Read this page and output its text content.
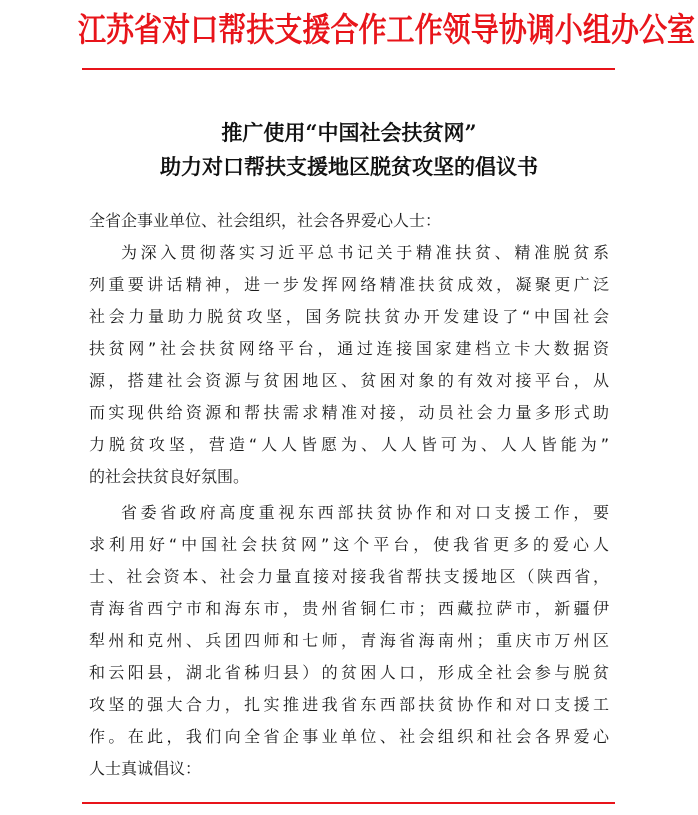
江苏省对口帮扶支援合作工作领导协调小组办公室
推广使用“中国社会扶贫网”
助力对口帮扶支援地区脱贫攻坚的倡议书
全省企事业单位、社会组织，社会各界爱心人士：
为深入贯彻落实习近平总书记关于精准扶贫、精准脱贫系
列重要讲话精神，进一步发挥网络精准扶贫成效，凝聚更广泛
社会力量助力脱贫攻坚，国务院扶贫办开发建设了“中国社会
扶贫网”社会扶贫网络平台，通过连接国家建档立卡大数据资
源，搭建社会资源与贫困地区、贫困对象的有效对接平台，从
而实现供给资源和帮扶需求精准对接，动员社会力量多形式助
力脱贫攻坚，营造“人人皆愿为、人人皆可为、人人皆能为”
的社会扶贫良好氛围。
省委省政府高度重视东西部扶贫协作和对口支援工作，要
求利用好“中国社会扶贫网”这个平台，使我省更多的爱心人
士、社会资本、社会力量直接对接我省帮扶支援地区（陕西省，
青海省西宁市和海东市，贵州省铜仁市；西藏拉萨市，新疆伊
犁州和克州、兵团四师和七师，青海省海南州；重庆市万州区
和云阳县，湖北省秭归县）的贫困人口，形成全社会参与脱贫
攻坚的强大合力，扎实推进我省东西部扶贫协作和对口支援工
作。在此，我们向全省企事业单位、社会组织和社会各界爱心
人士真诚倡议：
